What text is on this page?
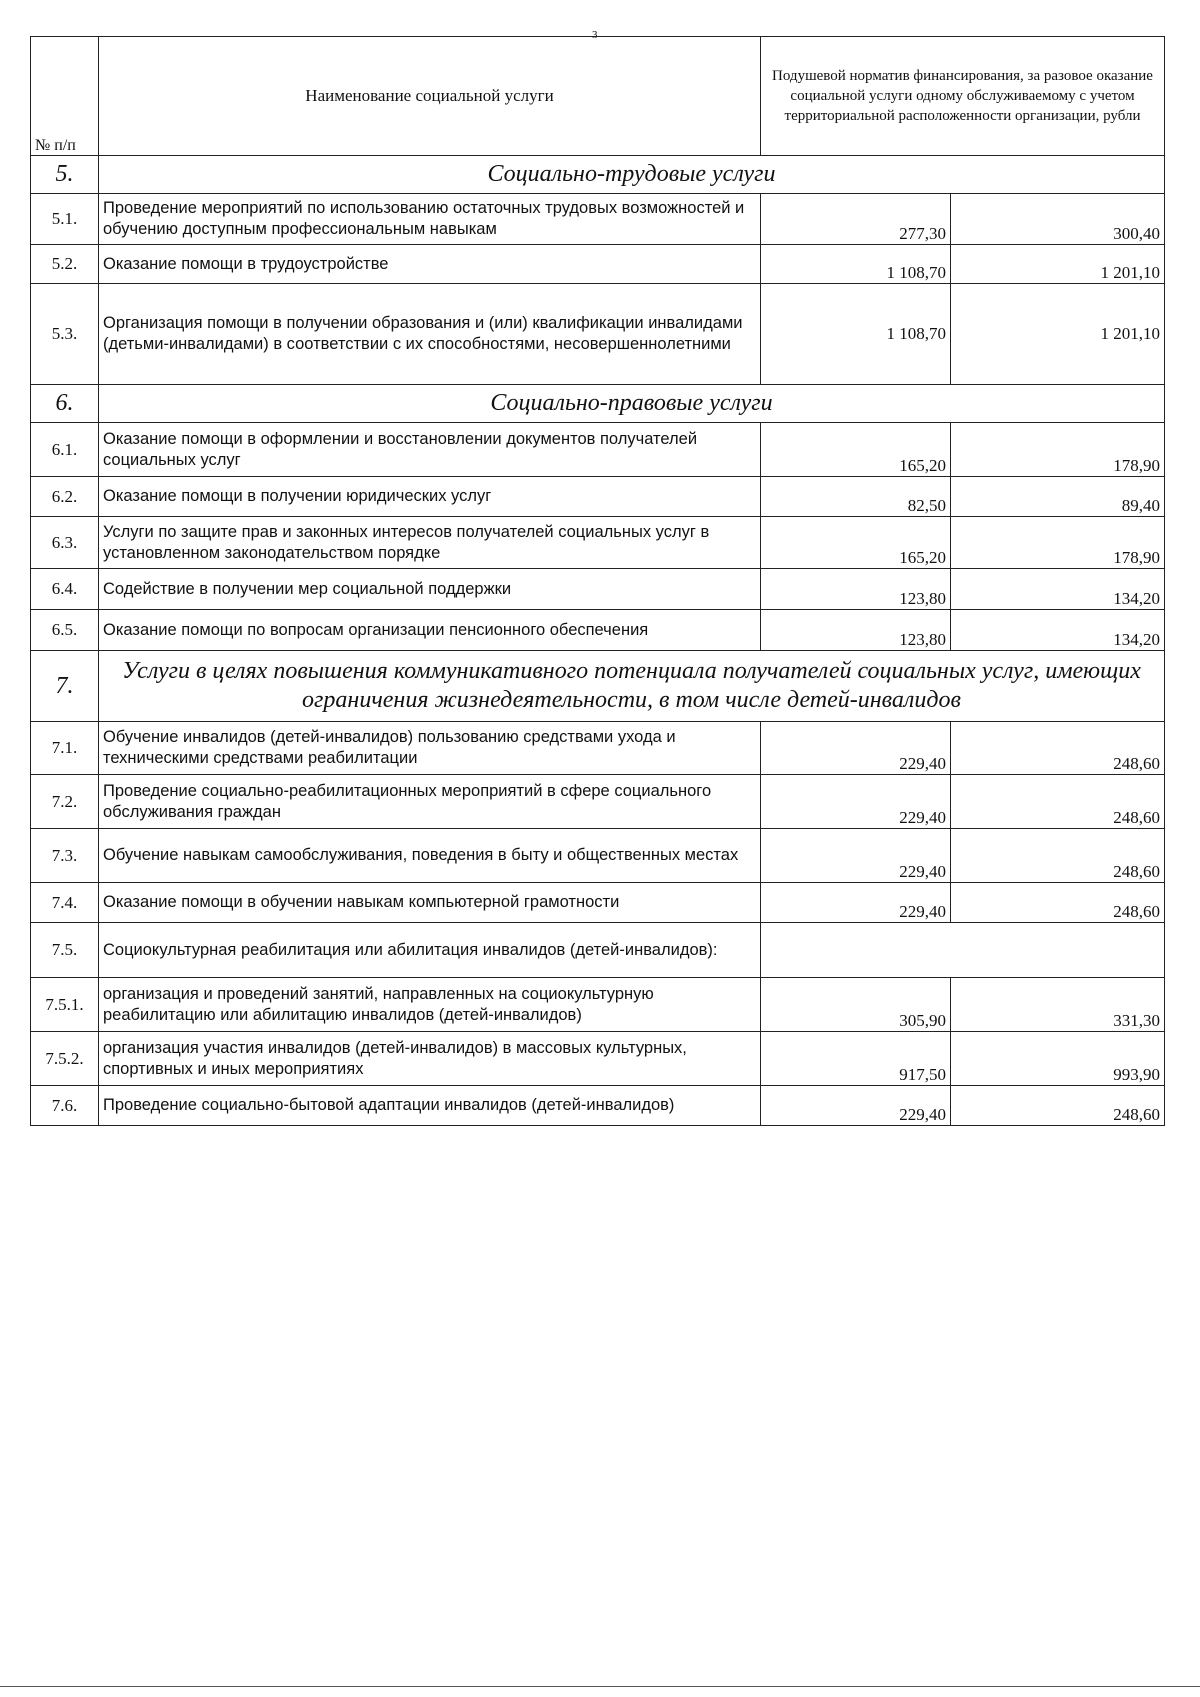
3
№ п/п	Наименование социальной услуги	Подушевой норматив финансирования, за разовое оказание социальной услуги одному обслуживаемому с учетом территориальной расположенности организации, рубли	
5.	Социально-трудовые услуги		
5.1.	Проведение мероприятий по использованию остаточных трудовых возможностей и обучению доступным профессиональным навыкам	277,30	300,40
5.2.	Оказание помощи в трудоустройстве	1 108,70	1 201,10
5.3.	Организация помощи в получении образования и (или) квалификации инвалидами (детьми-инвалидами) в соответствии с их способностями, несовершеннолетними	1 108,70	1 201,10
6.	Социально-правовые услуги		
6.1.	Оказание помощи в оформлении и восстановлении документов получателей социальных услуг	165,20	178,90
6.2.	Оказание помощи в получении юридических услуг	82,50	89,40
6.3.	Услуги по защите прав и законных интересов получателей социальных услуг в установленном законодательством порядке	165,20	178,90
6.4.	Содействие в получении мер социальной поддержки	123,80	134,20
6.5.	Оказание помощи по вопросам организации пенсионного обеспечения	123,80	134,20
7.	Услуги в целях повышения коммуникативного потенциала получателей социальных услуг, имеющих ограничения жизнедеятельности, в том числе детей-инвалидов		
7.1.	Обучение инвалидов (детей-инвалидов) пользованию средствами ухода и техническими средствами реабилитации	229,40	248,60
7.2.	Проведение социально-реабилитационных мероприятий в сфере социального обслуживания граждан	229,40	248,60
7.3.	Обучение навыкам самообслуживания, поведения в быту и общественных местах	229,40	248,60
7.4.	Оказание помощи в обучении навыкам компьютерной грамотности	229,40	248,60
7.5.	Социокультурная реабилитация или абилитация инвалидов (детей-инвалидов):		
7.5.1.	организация и проведений занятий, направленных на социокультурную реабилитацию или абилитацию инвалидов (детей-инвалидов)	305,90	331,30
7.5.2.	организация участия инвалидов (детей-инвалидов) в массовых культурных, спортивных и иных мероприятиях	917,50	993,90
7.6.	Проведение социально-бытовой адаптации инвалидов (детей-инвалидов)	229,40	248,60
